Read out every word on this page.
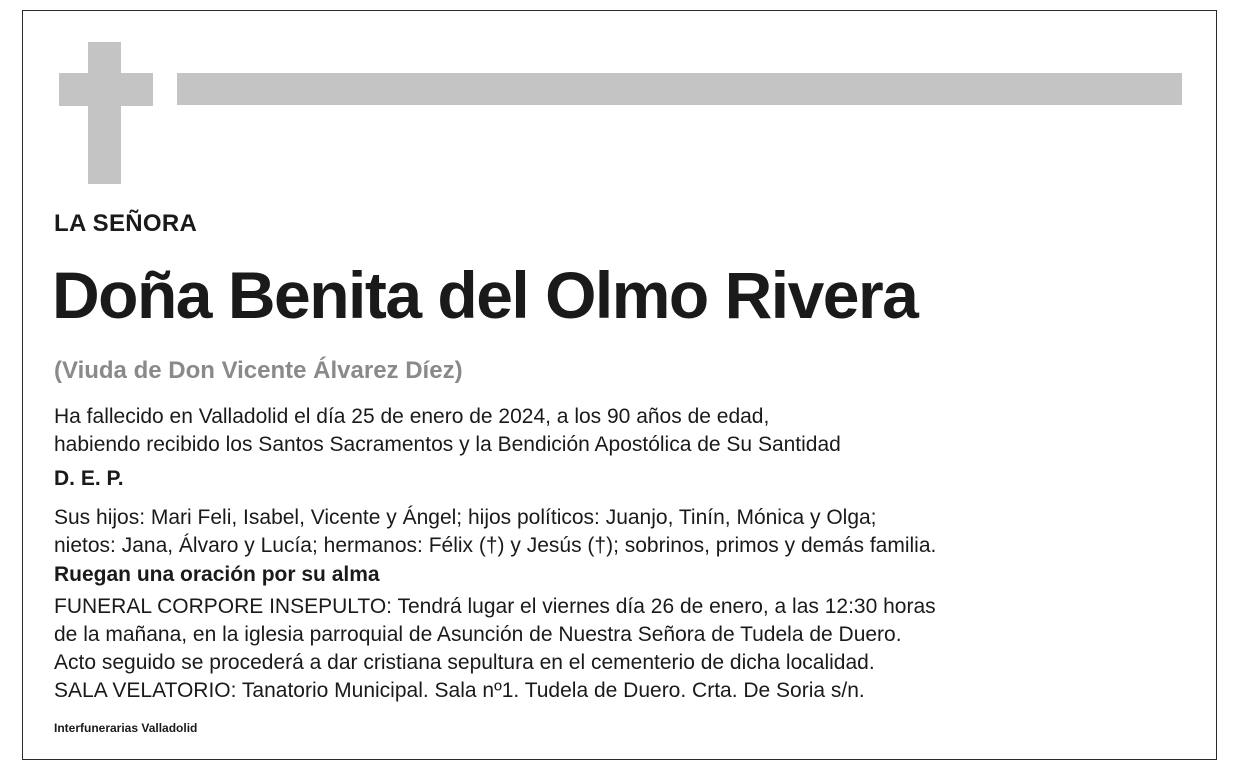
LA SEÑORA
Doña Benita del Olmo Rivera
(Viuda de Don Vicente Álvarez Díez)
Ha fallecido en Valladolid el día 25 de enero de 2024, a los 90 años de edad,
habiendo recibido los Santos Sacramentos y la Bendición Apostólica de Su Santidad
D. E. P.
Sus hijos: Mari Feli, Isabel, Vicente y Ángel; hijos políticos: Juanjo, Tinín, Mónica y Olga;
nietos: Jana, Álvaro y Lucía; hermanos: Félix (†) y Jesús (†); sobrinos, primos y demás familia.
Ruegan una oración por su alma
FUNERAL CORPORE INSEPULTO: Tendrá lugar el viernes día 26 de enero, a las 12:30 horas
de la mañana, en la iglesia parroquial de Asunción de Nuestra Señora de Tudela de Duero.
Acto seguido se procederá a dar cristiana sepultura en el cementerio de dicha localidad.
SALA VELATORIO: Tanatorio Municipal. Sala nº1. Tudela de Duero. Crta. De Soria s/n.
Interfunerarias Valladolid
